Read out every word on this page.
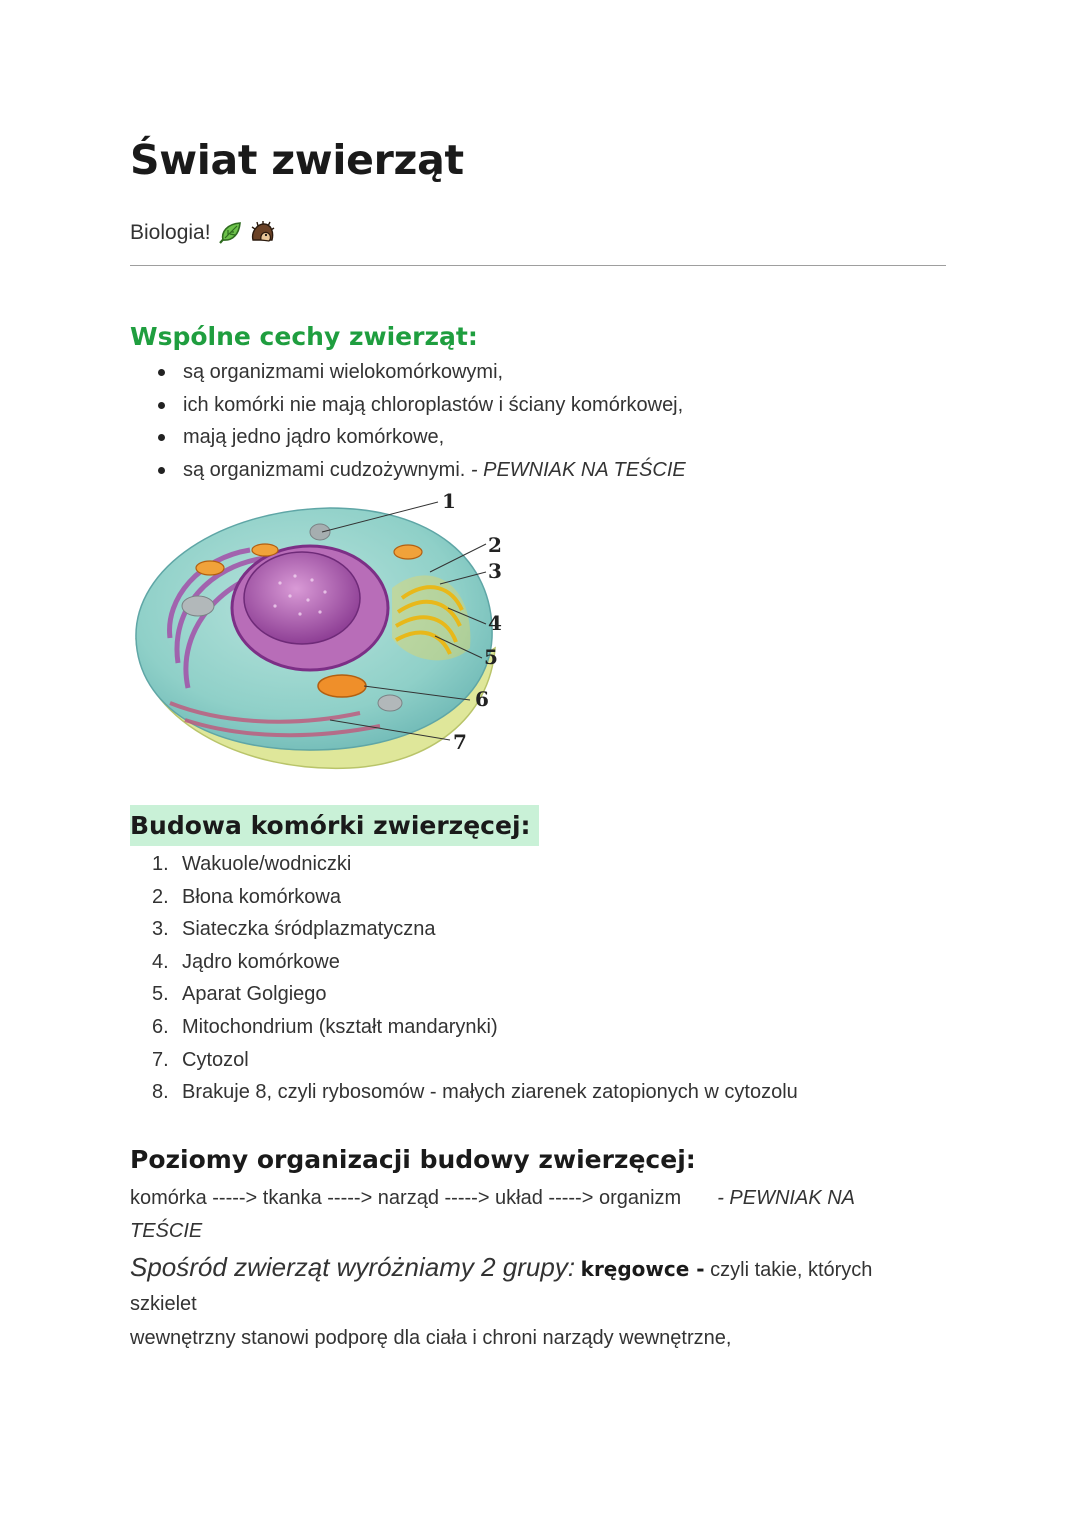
Świat zwierząt
Biologia!
Wspólne cechy zwierząt:
są organizmami wielokomórkowymi,
ich komórki nie mają chloroplastów i ściany komórkowej,
mają jedno jądro komórkowe,
są organizmami cudzożywnymi. - PEWNIAK NA TEŚCIE
1
2
3
4
5
6
7
Budowa komórki zwierzęcej:
1. Wakuole/wodniczki
2. Błona komórkowa
3. Siateczka śródplazmatyczna
4. Jądro komórkowe
5. Aparat Golgiego
6. Mitochondrium (kształt mandarynki)
7. Cytozol
8. Brakuje 8, czyli rybosomów - małych ziarenek zatopionych w cytozolu
Poziomy organizacji budowy zwierzęcej:
komórka -----> tkanka -----> narząd -----> układ -----> organizm - PEWNIAK NA TEŚCIE
Spośród zwierząt wyróżniamy 2 grupy: kręgowce - czyli takie, których szkielet
wewnętrzny stanowi podporę dla ciała i chroni narządy wewnętrzne,
